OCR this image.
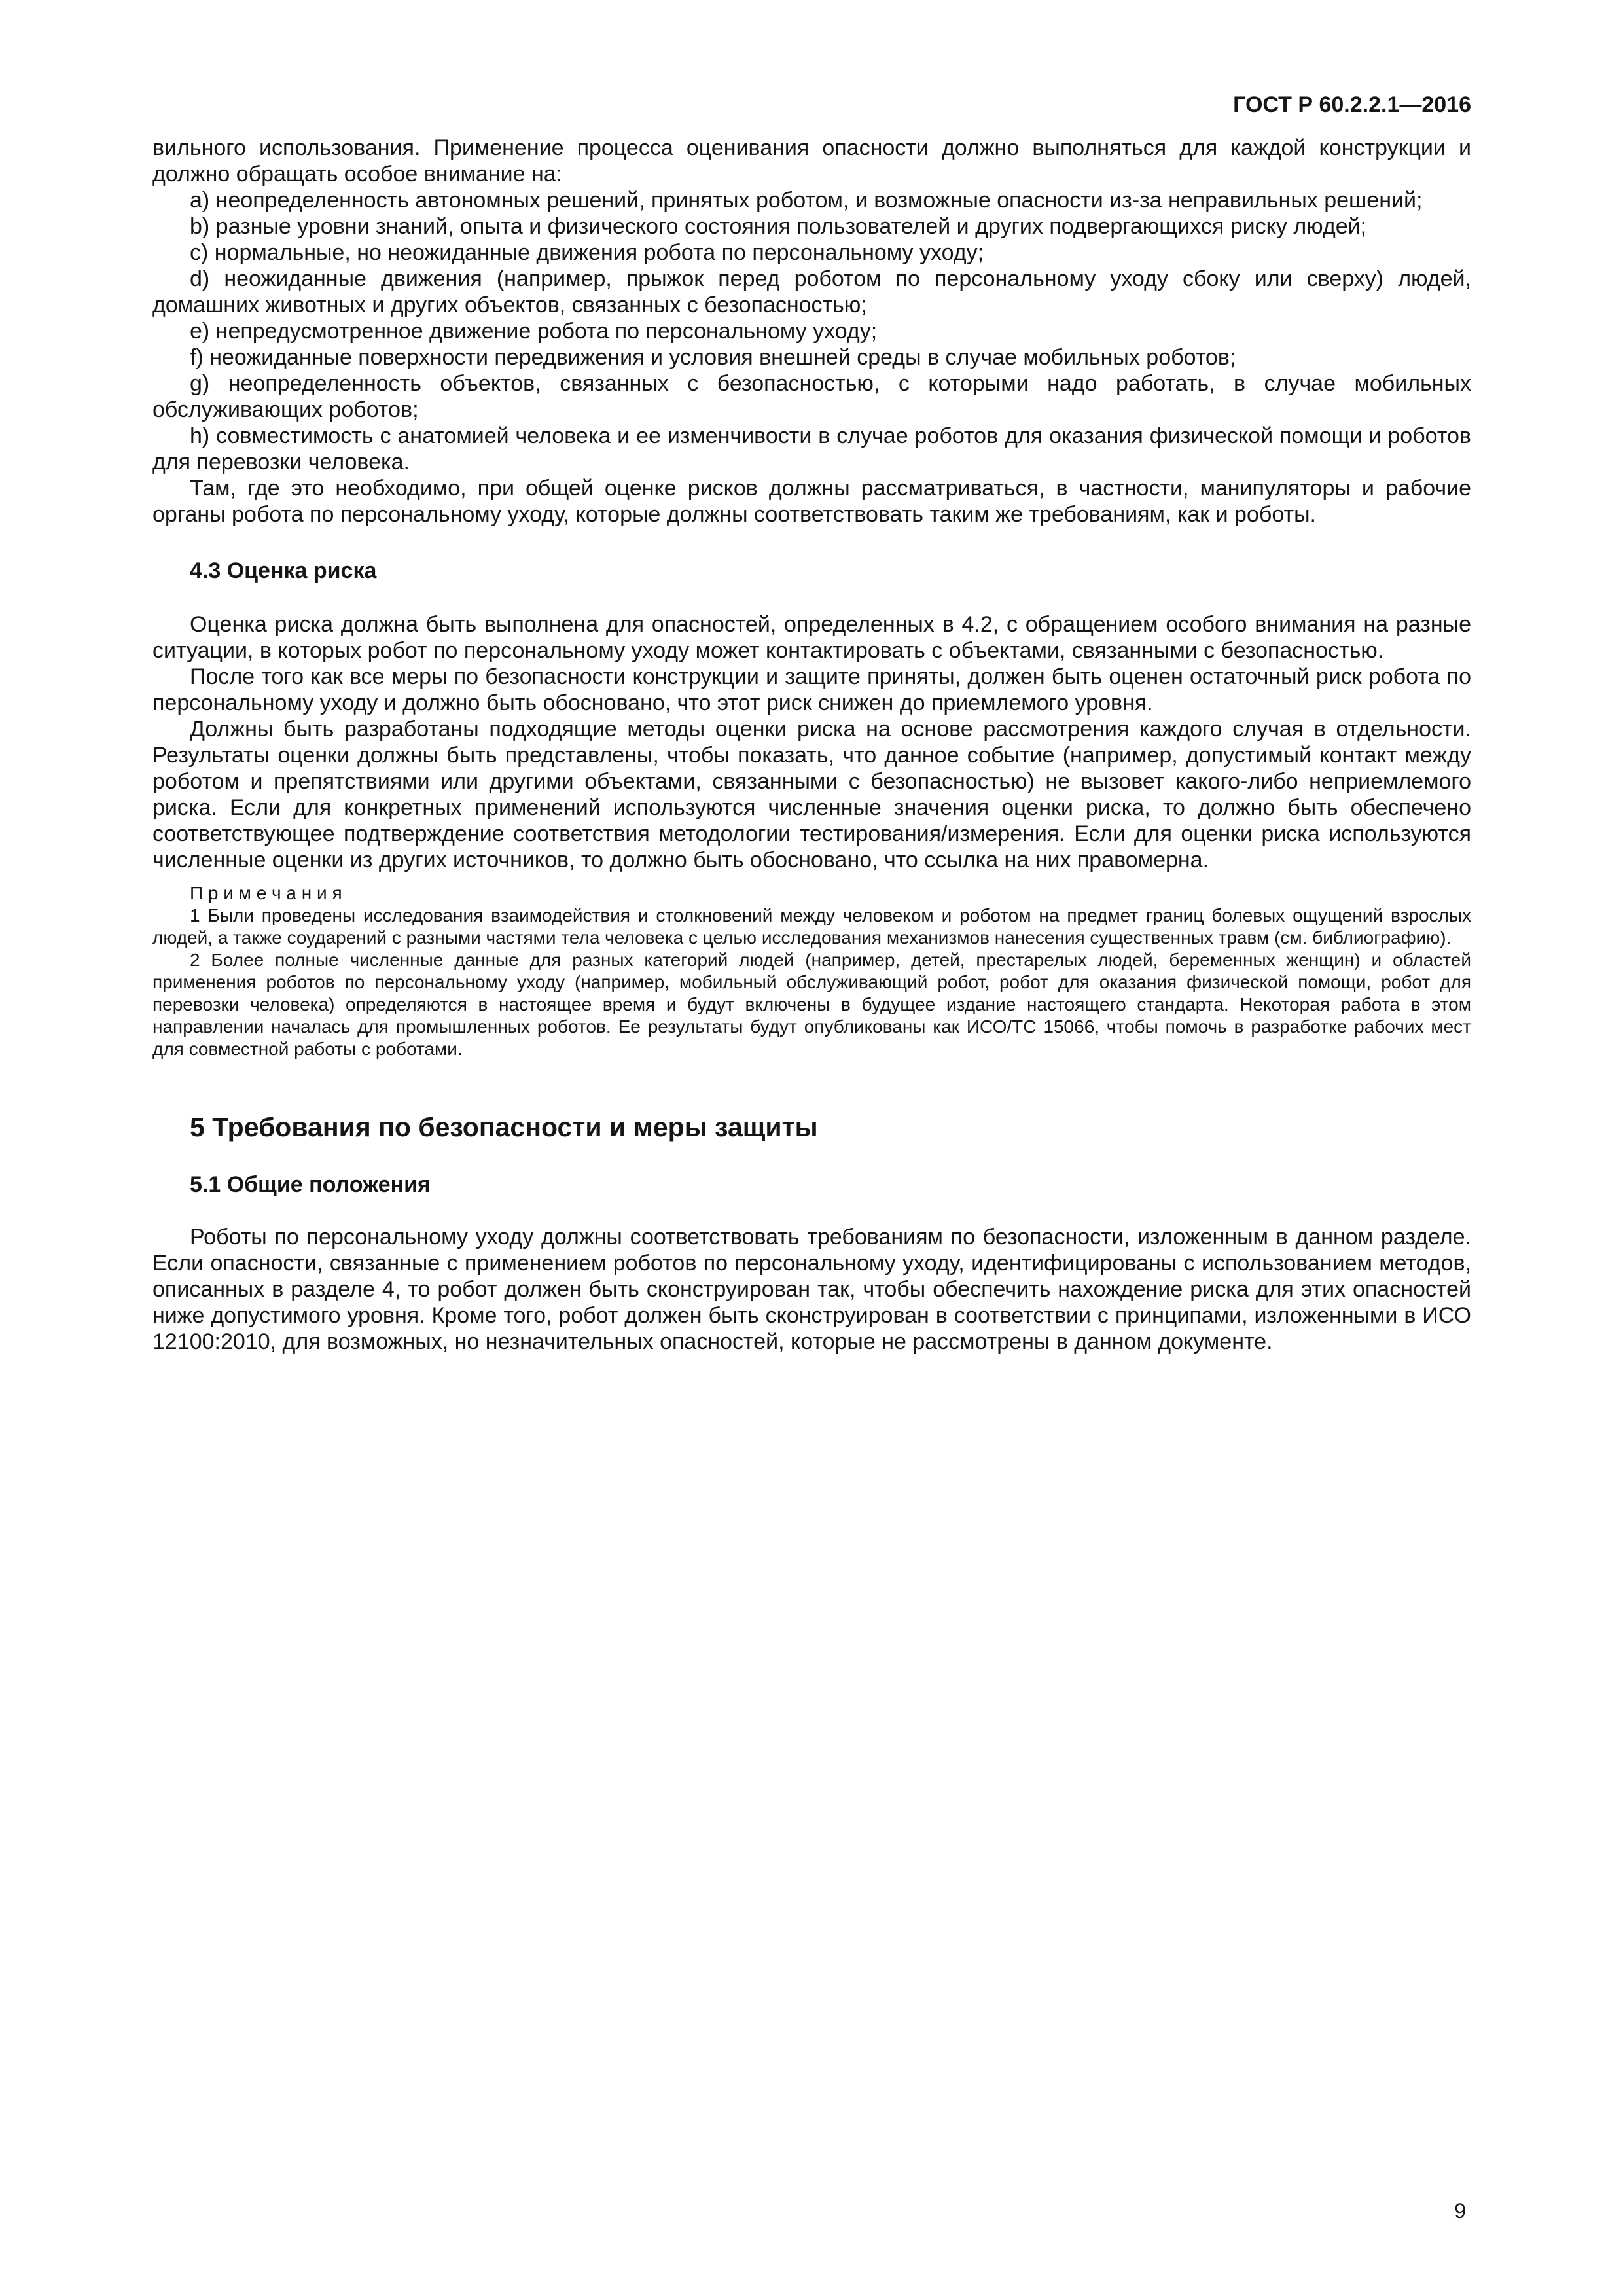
ГОСТ Р 60.2.2.1—2016

вильного использования. Применение процесса оценивания опасности должно выполняться для каждой конструкции и должно обращать особое внимание на:

a) неопределенность автономных решений, принятых роботом, и возможные опасности из-за неправильных решений;

b) разные уровни знаний, опыта и физического состояния пользователей и других подвергающихся риску людей;

c) нормальные, но неожиданные движения робота по персональному уходу;

d) неожиданные движения (например, прыжок перед роботом по персональному уходу сбоку или сверху) людей, домашних животных и других объектов, связанных с безопасностью;

e) непредусмотренное движение робота по персональному уходу;

f) неожиданные поверхности передвижения и условия внешней среды в случае мобильных роботов;

g) неопределенность объектов, связанных с безопасностью, с которыми надо работать, в случае мобильных обслуживающих роботов;

h) совместимость с анатомией человека и ее изменчивости в случае роботов для оказания физической помощи и роботов для перевозки человека.

Там, где это необходимо, при общей оценке рисков должны рассматриваться, в частности, манипуляторы и рабочие органы робота по персональному уходу, которые должны соответствовать таким же требованиям, как и роботы.

4.3 Оценка риска

Оценка риска должна быть выполнена для опасностей, определенных в 4.2, с обращением особого внимания на разные ситуации, в которых робот по персональному уходу может контактировать с объектами, связанными с безопасностью.

После того как все меры по безопасности конструкции и защите приняты, должен быть оценен остаточный риск робота по персональному уходу и должно быть обосновано, что этот риск снижен до приемлемого уровня.

Должны быть разработаны подходящие методы оценки риска на основе рассмотрения каждого случая в отдельности. Результаты оценки должны быть представлены, чтобы показать, что данное событие (например, допустимый контакт между роботом и препятствиями или другими объектами, связанными с безопасностью) не вызовет какого-либо неприемлемого риска. Если для конкретных применений используются численные значения оценки риска, то должно быть обеспечено соответствующее подтверждение соответствия методологии тестирования/измерения. Если для оценки риска используются численные оценки из других источников, то должно быть обосновано, что ссылка на них правомерна.

П р и м е ч а н и я

1 Были проведены исследования взаимодействия и столкновений между человеком и роботом на предмет границ болевых ощущений взрослых людей, а также соударений с разными частями тела человека с целью исследования механизмов нанесения существенных травм (см. библиографию).

2 Более полные численные данные для разных категорий людей (например, детей, престарелых людей, беременных женщин) и областей применения роботов по персональному уходу (например, мобильный обслуживающий робот, робот для оказания физической помощи, робот для перевозки человека) определяются в настоящее время и будут включены в будущее издание настоящего стандарта. Некоторая работа в этом направлении началась для промышленных роботов. Ее результаты будут опубликованы как ИСО/ТС 15066, чтобы помочь в разработке рабочих мест для совместной работы с роботами.

5 Требования по безопасности и меры защиты
5.1 Общие положения

Роботы по персональному уходу должны соответствовать требованиям по безопасности, изложенным в данном разделе. Если опасности, связанные с применением роботов по персональному уходу, идентифицированы с использованием методов, описанных в разделе 4, то робот должен быть сконструирован так, чтобы обеспечить нахождение риска для этих опасностей ниже допустимого уровня. Кроме того, робот должен быть сконструирован в соответствии с принципами, изложенными в ИСО 12100:2010, для возможных, но незначительных опасностей, которые не рассмотрены в данном документе.

9
